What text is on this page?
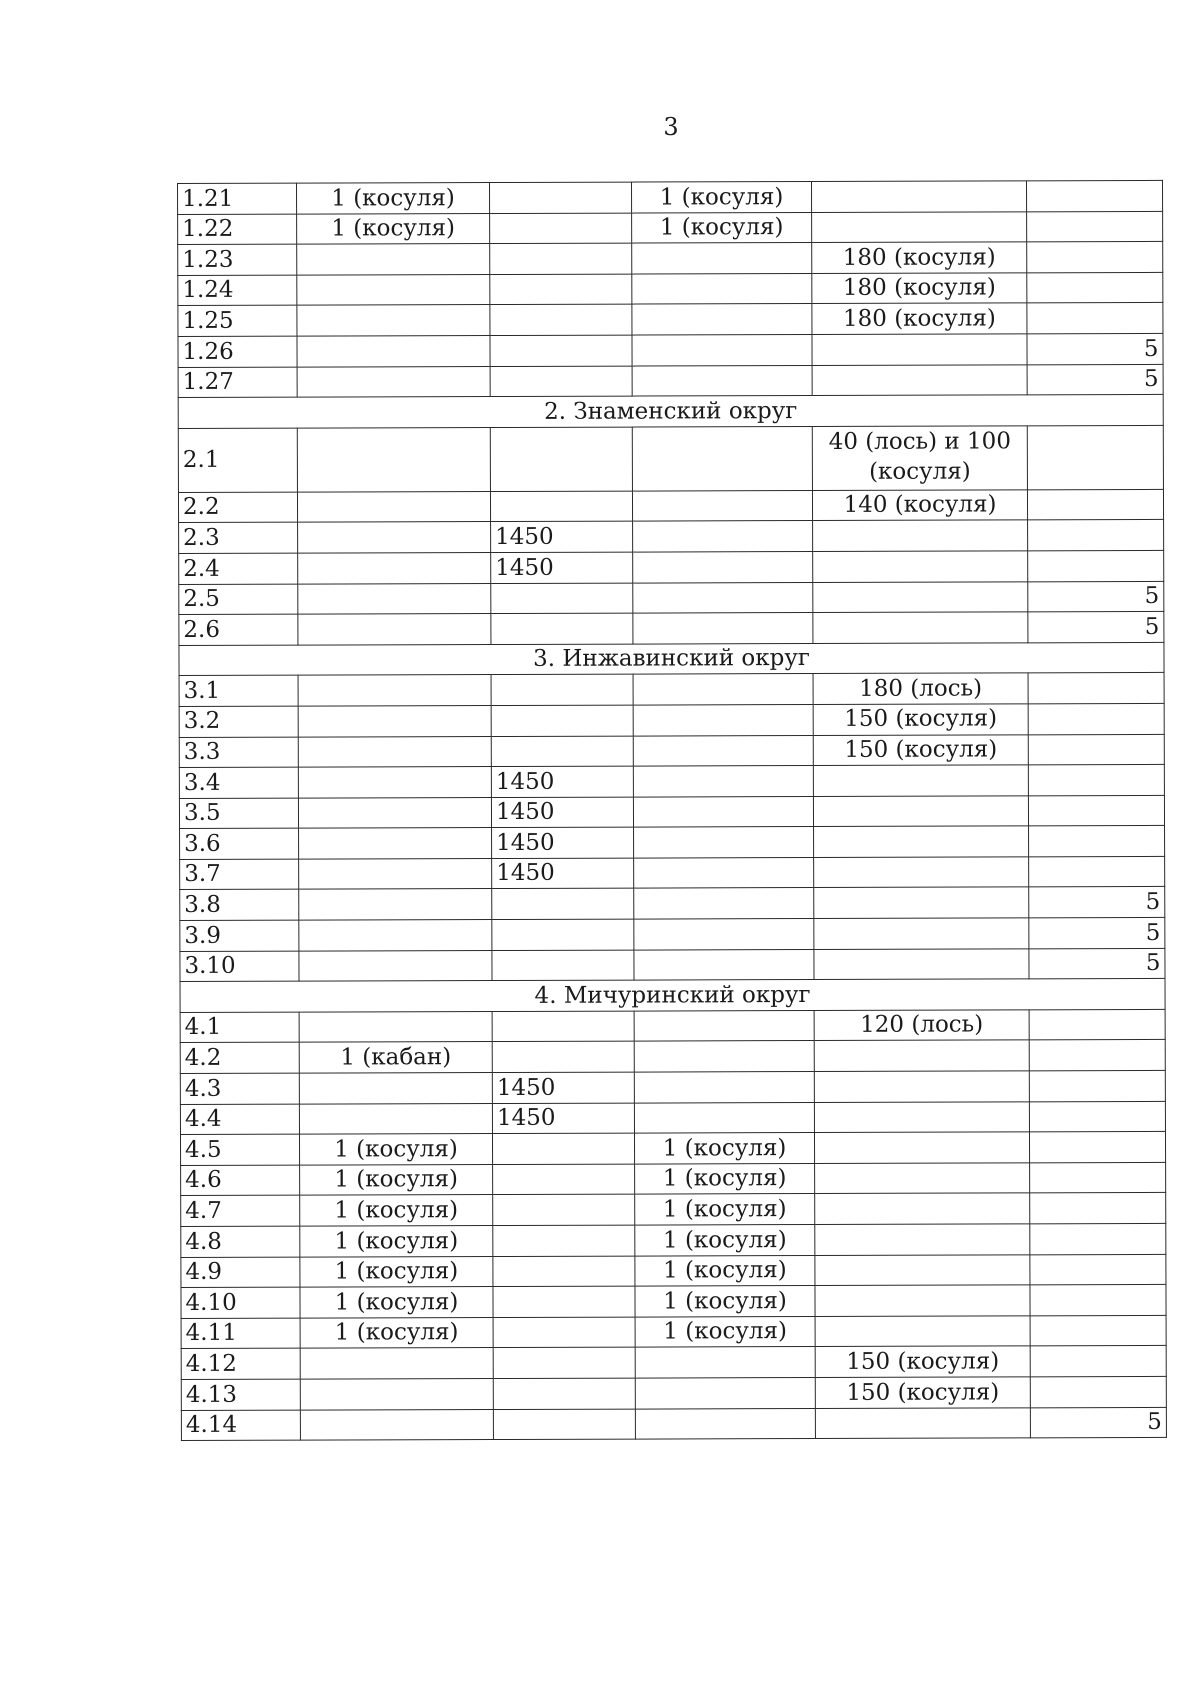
3
1.21	1 (косуля)		1 (косуля)		
1.22	1 (косуля)		1 (косуля)		
1.23				180 (косуля)	
1.24				180 (косуля)	
1.25				180 (косуля)	
1.26					5
1.27					5
2. Знаменский округ					
2.1				40 (лось) и 100 (косуля)	
2.2				140 (косуля)	
2.3		1450			
2.4		1450			
2.5					5
2.6					5
3. Инжавинский округ					
3.1				180 (лось)	
3.2				150 (косуля)	
3.3				150 (косуля)	
3.4		1450			
3.5		1450			
3.6		1450			
3.7		1450			
3.8					5
3.9					5
3.10					5
4. Мичуринский округ					
4.1				120 (лось)	
4.2	1 (кабан)				
4.3		1450			
4.4		1450			
4.5	1 (косуля)		1 (косуля)		
4.6	1 (косуля)		1 (косуля)		
4.7	1 (косуля)		1 (косуля)		
4.8	1 (косуля)		1 (косуля)		
4.9	1 (косуля)		1 (косуля)		
4.10	1 (косуля)		1 (косуля)		
4.11	1 (косуля)		1 (косуля)		
4.12				150 (косуля)	
4.13				150 (косуля)	
4.14					5
